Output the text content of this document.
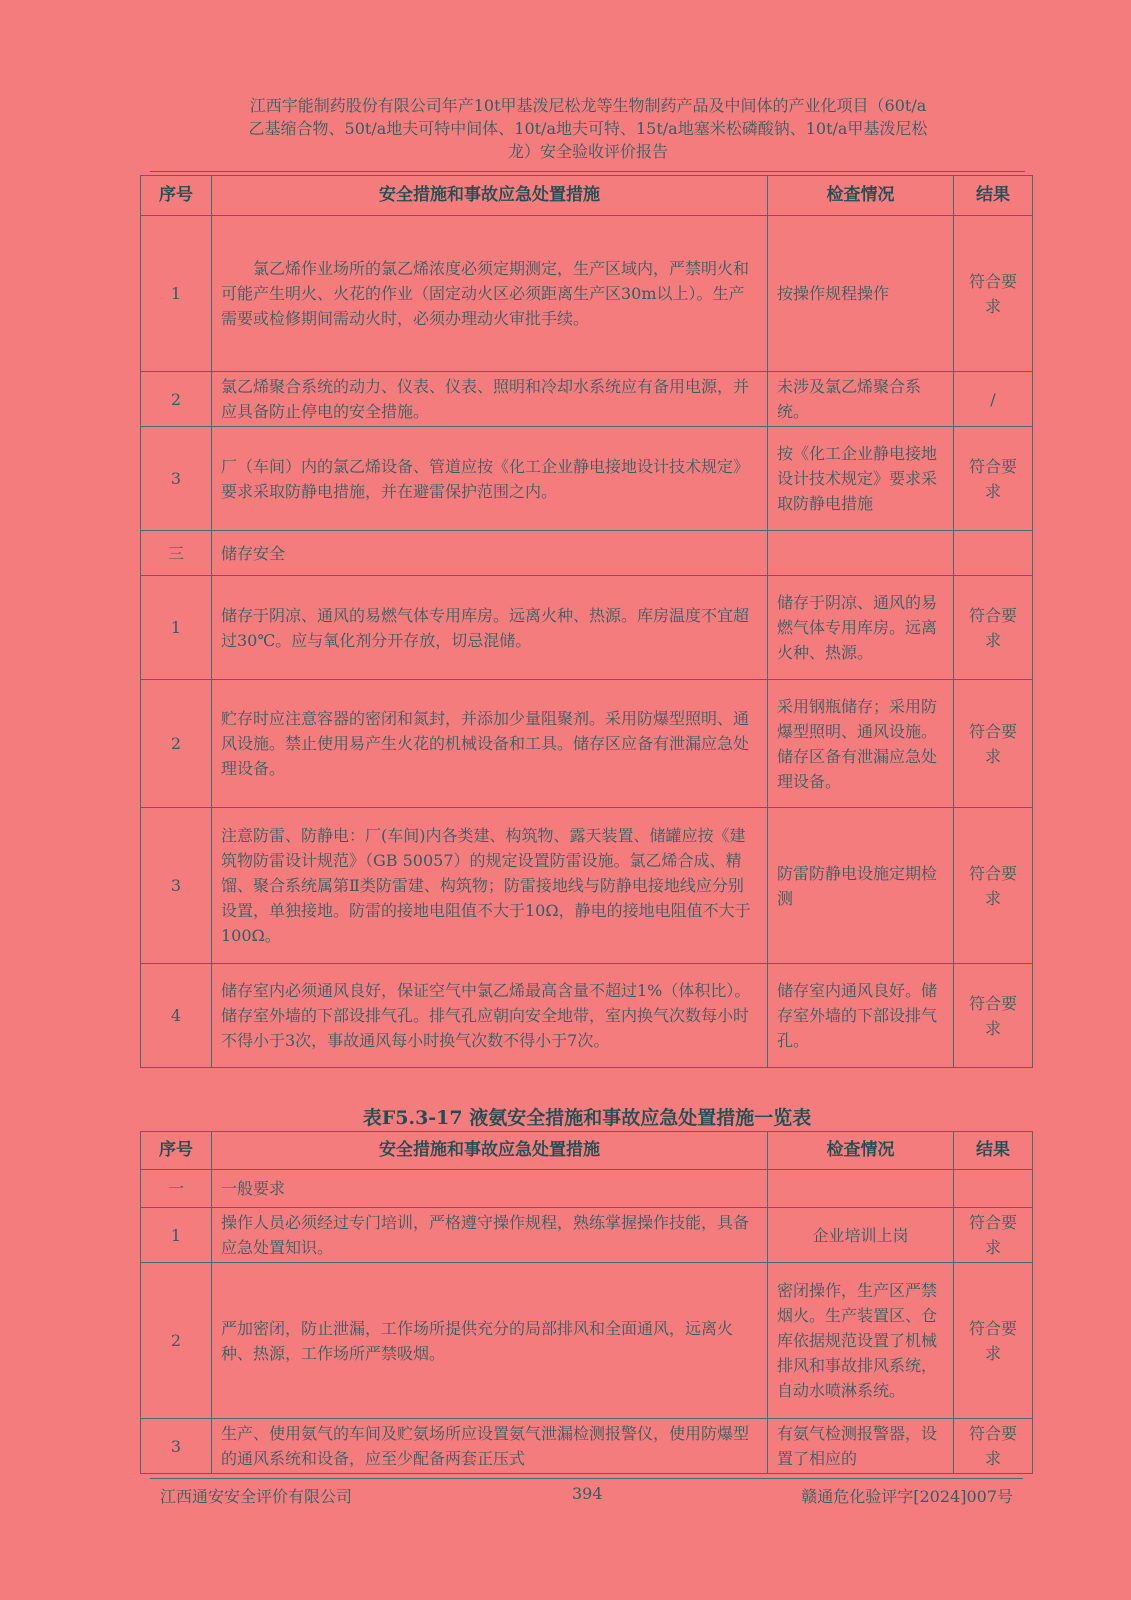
江西宇能制药股份有限公司年产10t甲基泼尼松龙等生物制药产品及中间体的产业化项目（60t/a
乙基缩合物、50t/a地夫可特中间体、10t/a地夫可特、15t/a地塞米松磷酸钠、10t/a甲基泼尼松
龙）安全验收评价报告
序号	安全措施和事故应急处置措施	检查情况	结果
1	氯乙烯作业场所的氯乙烯浓度必须定期测定，生产区域内，严禁明火和可能产生明火、火花的作业（固定动火区必须距离生产区30m以上）。生产需要或检修期间需动火时，必须办理动火审批手续。	按操作规程操作	符合要求
2	氯乙烯聚合系统的动力、仪表、仪表、照明和冷却水系统应有备用电源，并应具备防止停电的安全措施。	未涉及氯乙烯聚合系统。	/
3	厂（车间）内的氯乙烯设备、管道应按《化工企业静电接地设计技术规定》要求采取防静电措施，并在避雷保护范围之内。	按《化工企业静电接地设计技术规定》要求采取防静电措施	符合要求
三	储存安全		
1	储存于阴凉、通风的易燃气体专用库房。远离火种、热源。库房温度不宜超过30℃。应与氧化剂分开存放，切忌混储。	储存于阴凉、通风的易燃气体专用库房。远离火种、热源。	符合要求
2	贮存时应注意容器的密闭和氮封，并添加少量阻聚剂。采用防爆型照明、通风设施。禁止使用易产生火花的机械设备和工具。储存区应备有泄漏应急处理设备。	采用钢瓶储存；采用防爆型照明、通风设施。储存区备有泄漏应急处理设备。	符合要求
3	注意防雷、防静电：厂(车间)内各类建、构筑物、露天装置、储罐应按《建筑物防雷设计规范》（GB 50057）的规定设置防雷设施。氯乙烯合成、精馏、聚合系统属第Ⅱ类防雷建、构筑物；防雷接地线与防静电接地线应分别设置，单独接地。防雷的接地电阻值不大于10Ω，静电的接地电阻值不大于100Ω。	防雷防静电设施定期检测	符合要求
4	储存室内必须通风良好，保证空气中氯乙烯最高含量不超过1%（体积比）。储存室外墙的下部设排气孔。排气孔应朝向安全地带，室内换气次数每小时不得小于3次，事故通风每小时换气次数不得小于7次。	储存室内通风良好。储存室外墙的下部设排气孔。	符合要求
表F5.3-17 液氨安全措施和事故应急处置措施一览表
序号	安全措施和事故应急处置措施	检查情况	结果
一	一般要求		
1	操作人员必须经过专门培训，严格遵守操作规程，熟练掌握操作技能，具备应急处置知识。	企业培训上岗	符合要求
2	严加密闭，防止泄漏，工作场所提供充分的局部排风和全面通风，远离火种、热源，工作场所严禁吸烟。	密闭操作，生产区严禁烟火。生产装置区、仓库依据规范设置了机械排风和事故排风系统，自动水喷淋系统。	符合要求
3	生产、使用氨气的车间及贮氨场所应设置氨气泄漏检测报警仪，使用防爆型的通风系统和设备，应至少配备两套正压式	有氨气检测报警器，设置了相应的	符合要求
江西通安安全评价有限公司	394	赣通危化验评字[2024]007号
